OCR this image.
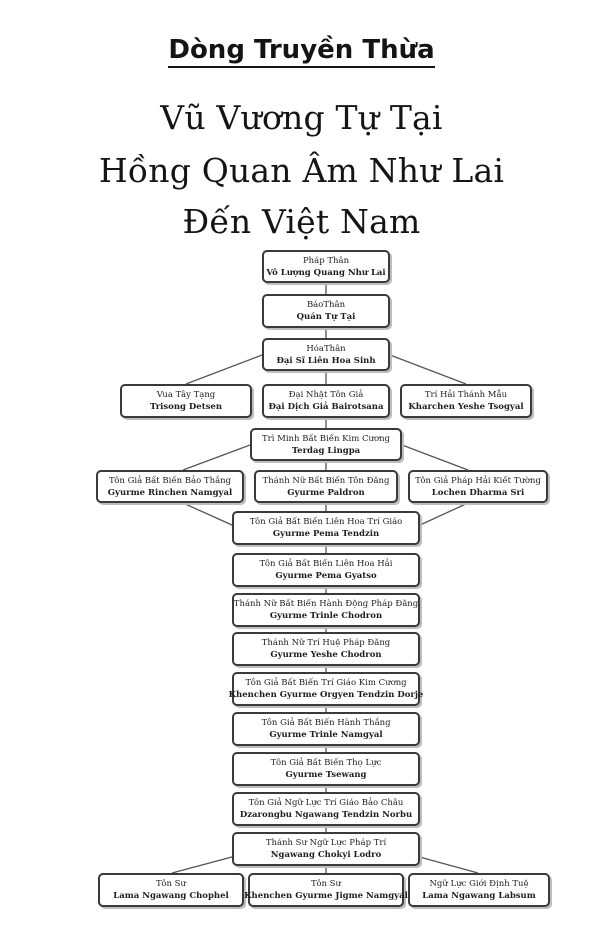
Dòng Truyền Thừa
Vũ Vương Tự Tại
Hồng Quan Âm Như Lai
Đến Việt Nam
Pháp Thân
Vô Lượng Quang Như Lai
BáoThân
Quán Tự Tại
HóaThân
Đại Sĩ Liên Hoa Sinh
Vua Tây Tạng
Trisong Detsen
Đại Nhật Tôn Giả
Đại Dịch Giả Bairotsana
Trí Hải Thánh Mẫu
Kharchen Yeshe Tsogyal
Trì Minh Bất Biến Kim Cương
Terdag Lingpa
Tôn Giả Bất Biến Bảo Thắng
Gyurme Rinchen Namgyal
Thánh Nữ Bất Biến Tôn Đăng
Gyurme Paldron
Tôn Giả Pháp Hải Kiết Tường
Lochen Dharma Sri
Tôn Giả Bất Biến Liên Hoa Trí Giáo
Gyurme Pema Tendzin
Tôn Giả Bất Biến Liên Hoa Hải
Gyurme Pema Gyatso
Thánh Nữ Bất Biến Hành Động Pháp Đăng
Gyurme Trinle Chodron
Thánh Nữ Trí Huệ Pháp Đăng
Gyurme Yeshe Chodron
Tôn Giả Bất Biến Trí Giáo Kim Cương
Khenchen Gyurme Orgyen Tendzin Dorje
Tôn Giả Bất Biến Hành Thắng
Gyurme Trinle Namgyal
Tôn Giả Bất Biến Thọ Lực
Gyurme Tsewang
Tôn Giả Ngữ Lực Trí Giáo Bảo Châu
Dzarongbu Ngawang Tendzin Norbu
Thánh Sư Ngữ Lực Pháp Trí
Ngawang Chokyi Lodro
Tôn Sư
Lama Ngawang Chophel
Tôn Sư
Khenchen Gyurme Jigme Namgyal
Ngữ Lực Giới Định Tuệ
Lama Ngawang Labsum
